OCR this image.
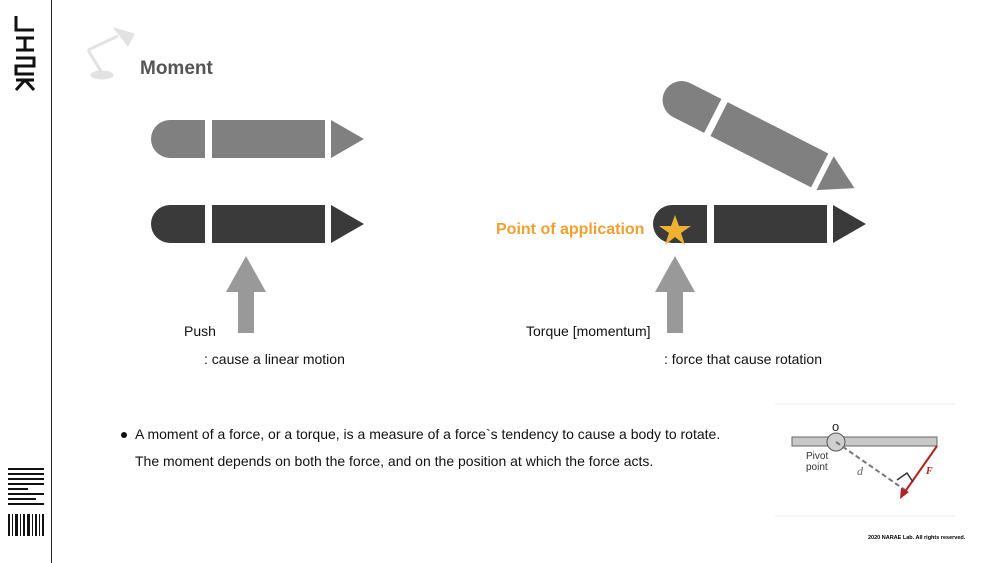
Moment
Push
: cause a linear motion
Point of application
Torque [momentum]
: force that cause rotation
A moment of a force, or a torque, is a measure of a force`s tendency to cause a body to rotate.
The moment depends on both the force, and on the position at which the force acts.
o
Pivot
point d	F
2020 NARAE Lab. All rights reserved.
